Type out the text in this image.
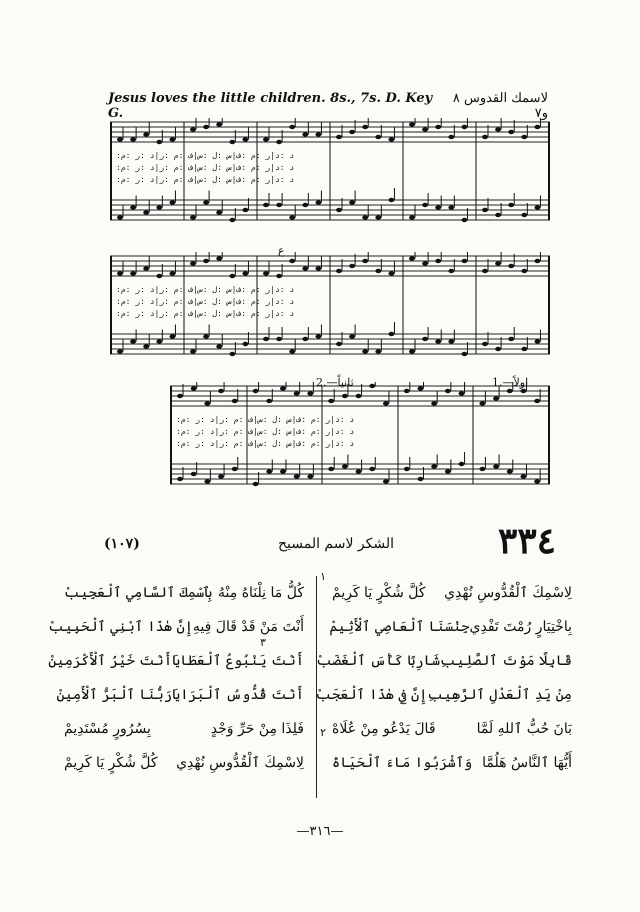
Jesus loves the little children. 8s., 7s. D. Key G.
لاسمك القدوس ٨ و٧
:د :د|ر :م :ف|س :ل :س|ف :م :ر|د :ر :م
:د :د|ر :م :ف|س :ل :س|ف :م :ر|د :ر :م
:د :د|ر :م :ف|س :ل :س|ف :م :ر|د :ر :م
:د :د|ر :م :ف|س :ل :س|ف :م :ر|د :ر :م
:د :د|ر :م :ف|س :ل :س|ف :م :ر|د :ر :م
:د :د|ر :م :ف|س :ل :س|ف :م :ر|د :ر :م
:د :د|ر :م :ف|س :ل :س|ف :م :ر|د :ر :م
:د :د|ر :م :ف|س :ل :س|ف :م :ر|د :ر :م
:د :د|ر :م :ف|س :ل :س|ف :م :ر|د :ر :م
1.—اولاً
2.—ثانياً
ع
٣٣٤
الشكر لاسم المسيح
(١٠٧)
١
٢
٣
لِاسْمِكَ ٱلْقُدُّوسِ نُهْدِي
كُلَّ شُكْرٍ يَا كَرِيمْ
بِاخْتِيَارٍ رُمْتَ تَفْدِي
جِنْسَنَا ٱلْعَاصِي ٱلْأَثِيمْ
قَابِلًا مَوْتَ ٱلصَّلِيبِ
شَارِبًا كَأْسَ ٱلْغَضَبْ
مِنْ يَدِ ٱلْعَدْلِ ٱلرَّهِيبِ
إِنَّ فِي هٰذَا ٱلْعَجَبْ
بَانَ حُبُّ ٱللهِ لَمَّا
قَالَ يَدْعُو مِنْ عُلَاهْ
أَيُّهَا ٱلنَّاسُ هَلُمَّا
وَٱشْرَبُوا مَاءَ ٱلْحَيَاةْ
كُلُّ مَا نِلْنَاهُ مِنْهُ
بِٱسْمِكَ ٱلسَّامِي ٱلْعَجِيبْ
أَنْتَ مَنْ قَدْ قَالَ فِيهِ
إِنَّ هٰذَا ٱبْنِي ٱلْحَبِيبْ
أَنْتَ يَنْبُوعُ ٱلْعَطَايَا
أَنْتَ خَيْرُ ٱلْأَكْرَمِينْ
أَنْتَ قُدُّوسُ ٱلْبَرَايَا
رَبُّنَا ٱلْبَرُّ ٱلْأَمِينْ
فَلِذَا مِنْ حَرِّ وَجْدٍ
بِسُرُورٍ مُسْتَدِيمْ
لِاسْمِكَ ٱلْقُدُّوسِ نُهْدِي
كُلَّ شُكْرٍ يَا كَرِيمْ
—٣١٦—
